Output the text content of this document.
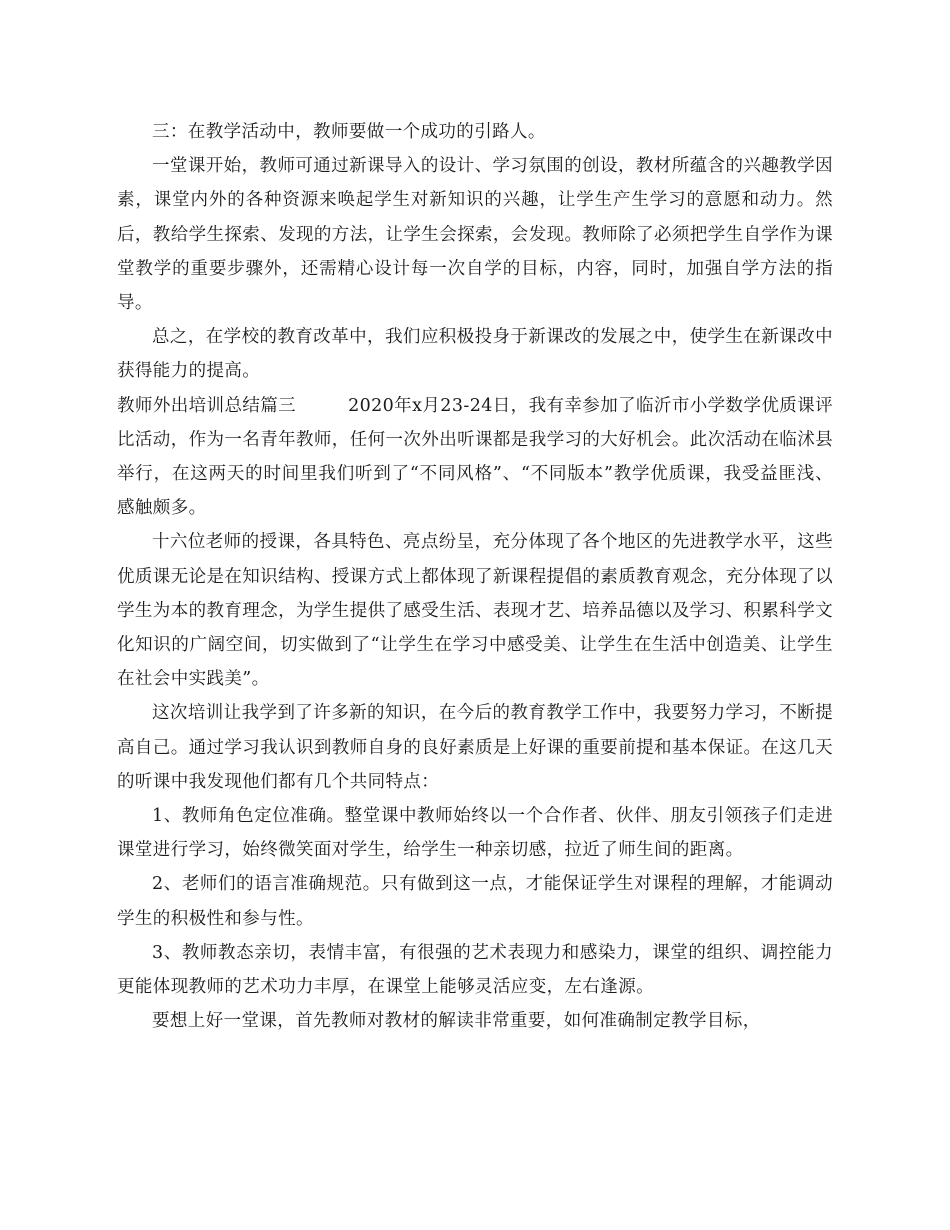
三：在教学活动中，教师要做一个成功的引路人。

一堂课开始，教师可通过新课导入的设计、学习氛围的创设，教材所蕴含的兴趣教学因素，课堂内外的各种资源来唤起学生对新知识的兴趣，让学生产生学习的意愿和动力。然后，教给学生探索、发现的方法，让学生会探索，会发现。教师除了必须把学生自学作为课堂教学的重要步骤外，还需精心设计每一次自学的目标，内容，同时，加强自学方法的指导。

总之，在学校的教育改革中，我们应积极投身于新课改的发展之中，使学生在新课改中获得能力的提高。

教师外出培训总结篇三	2020年x月23-24日，我有幸参加了临沂市小学数学优质课评比活动，作为一名青年教师，任何一次外出听课都是我学习的大好机会。此次活动在临沭县举行，在这两天的时间里我们听到了“不同风格”、“不同版本”教学优质课，我受益匪浅、感触颇多。

十六位老师的授课，各具特色、亮点纷呈，充分体现了各个地区的先进教学水平，这些优质课无论是在知识结构、授课方式上都体现了新课程提倡的素质教育观念，充分体现了以学生为本的教育理念，为学生提供了感受生活、表现才艺、培养品德以及学习、积累科学文化知识的广阔空间，切实做到了“让学生在学习中感受美、让学生在生活中创造美、让学生在社会中实践美”。

这次培训让我学到了许多新的知识，在今后的教育教学工作中，我要努力学习，不断提高自己。通过学习我认识到教师自身的良好素质是上好课的重要前提和基本保证。在这几天的听课中我发现他们都有几个共同特点：

1、教师角色定位准确。整堂课中教师始终以一个合作者、伙伴、朋友引领孩子们走进课堂进行学习，始终微笑面对学生，给学生一种亲切感，拉近了师生间的距离。

2、老师们的语言准确规范。只有做到这一点，才能保证学生对课程的理解，才能调动学生的积极性和参与性。

3、教师教态亲切，表情丰富，有很强的艺术表现力和感染力，课堂的组织、调控能力更能体现教师的艺术功力丰厚，在课堂上能够灵活应变，左右逢源。

要想上好一堂课，首先教师对教材的解读非常重要，如何准确制定教学目标，
